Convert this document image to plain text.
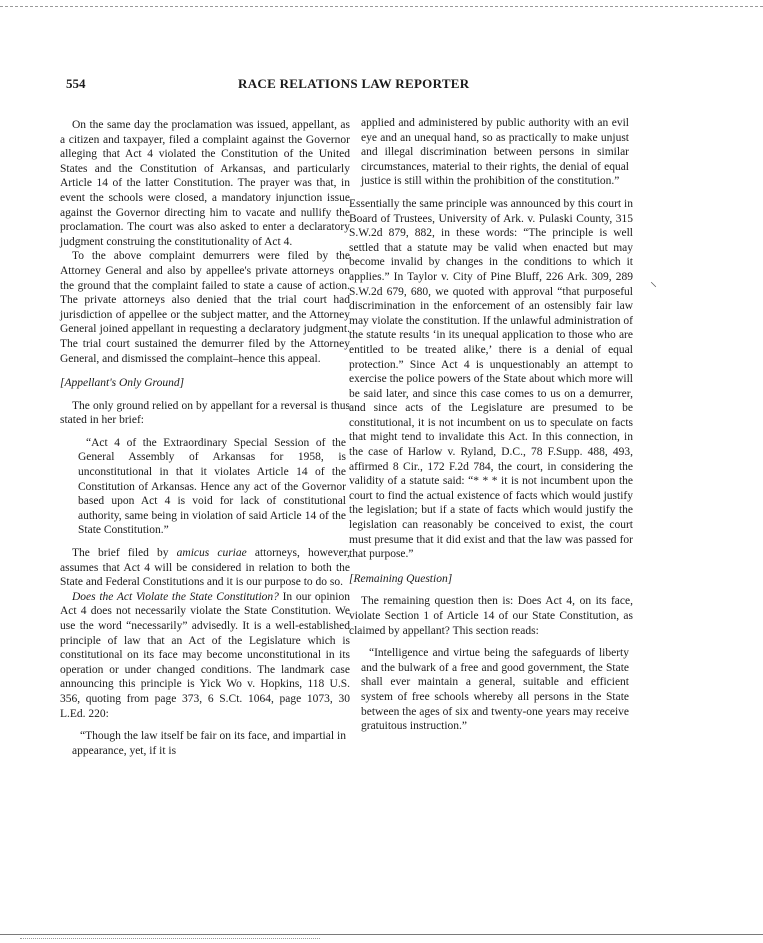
554	RACE RELATIONS LAW REPORTER

On the same day the proclamation was issued, appellant, as a citizen and taxpayer, filed a complaint against the Governor alleging that Act 4 violated the Constitution of the United States and the Constitution of Arkansas, and particularly Article 14 of the latter Constitution. The prayer was that, in event the schools were closed, a mandatory injunction issue against the Governor directing him to vacate and nullify the proclamation. The court was also asked to enter a declaratory judgment construing the constitutionality of Act 4.

To the above complaint demurrers were filed by the Attorney General and also by appellee's private attorneys on the ground that the complaint failed to state a cause of action. The private attorneys also denied that the trial court had jurisdiction of appellee or the subject matter, and the Attorney General joined appellant in requesting a declaratory judgment. The trial court sustained the demurrer filed by the Attorney General, and dismissed the complaint–hence this appeal.

[Appellant's Only Ground]

The only ground relied on by appellant for a reversal is thus stated in her brief:

“Act 4 of the Extraordinary Special Session of the General Assembly of Arkansas for 1958, is unconstitutional in that it violates Article 14 of the Constitution of Arkansas. Hence any act of the Governor based upon Act 4 is void for lack of constitutional authority, same being in violation of said Article 14 of the State Constitution.”

The brief filed by amicus curiae attorneys, however, assumes that Act 4 will be considered in relation to both the State and Federal Constitutions and it is our purpose to do so.

Does the Act Violate the State Constitution? In our opinion Act 4 does not necessarily violate the State Constitution. We use the word “necessarily” advisedly. It is a well-established principle of law that an Act of the Legislature which is constitutional on its face may become unconstitutional in its operation or under changed conditions. The landmark case announcing this principle is Yick Wo v. Hopkins, 118 U.S. 356, quoting from page 373, 6 S.Ct. 1064, page 1073, 30 L.Ed. 220:

“Though the law itself be fair on its face, and impartial in appearance, yet, if it is

applied and administered by public authority with an evil eye and an unequal hand, so as practically to make unjust and illegal discrimination between persons in similar circumstances, material to their rights, the denial of equal justice is still within the prohibition of the constitution.”

Essentially the same principle was announced by this court in Board of Trustees, University of Ark. v. Pulaski County, 315 S.W.2d 879, 882, in these words: “The principle is well settled that a statute may be valid when enacted but may become invalid by changes in the conditions to which it applies.” In Taylor v. City of Pine Bluff, 226 Ark. 309, 289 S.W.2d 679, 680, we quoted with approval “that purposeful discrimination in the enforcement of an ostensibly fair law may violate the constitution. If the unlawful administration of the statute results ‘in its unequal application to those who are entitled to be treated alike,’ there is a denial of equal protection.” Since Act 4 is unquestionably an attempt to exercise the police powers of the State about which more will be said later, and since this case comes to us on a demurrer, and since acts of the Legislature are presumed to be constitutional, it is not incumbent on us to speculate on facts that might tend to invalidate this Act. In this connection, in the case of Harlow v. Ryland, D.C., 78 F.Supp. 488, 493, affirmed 8 Cir., 172 F.2d 784, the court, in considering the validity of a statute said: “* * * it is not incumbent upon the court to find the actual existence of facts which would justify the legislation; but if a state of facts which would justify the legislation can reasonably be conceived to exist, the court must presume that it did exist and that the law was passed for that purpose.”

[Remaining Question]

The remaining question then is: Does Act 4, on its face, violate Section 1 of Article 14 of our State Constitution, as claimed by appellant? This section reads:

“Intelligence and virtue being the safeguards of liberty and the bulwark of a free and good government, the State shall ever maintain a general, suitable and efficient system of free schools whereby all persons in the State between the ages of six and twenty-one years may receive gratuitous instruction.”

⸜
